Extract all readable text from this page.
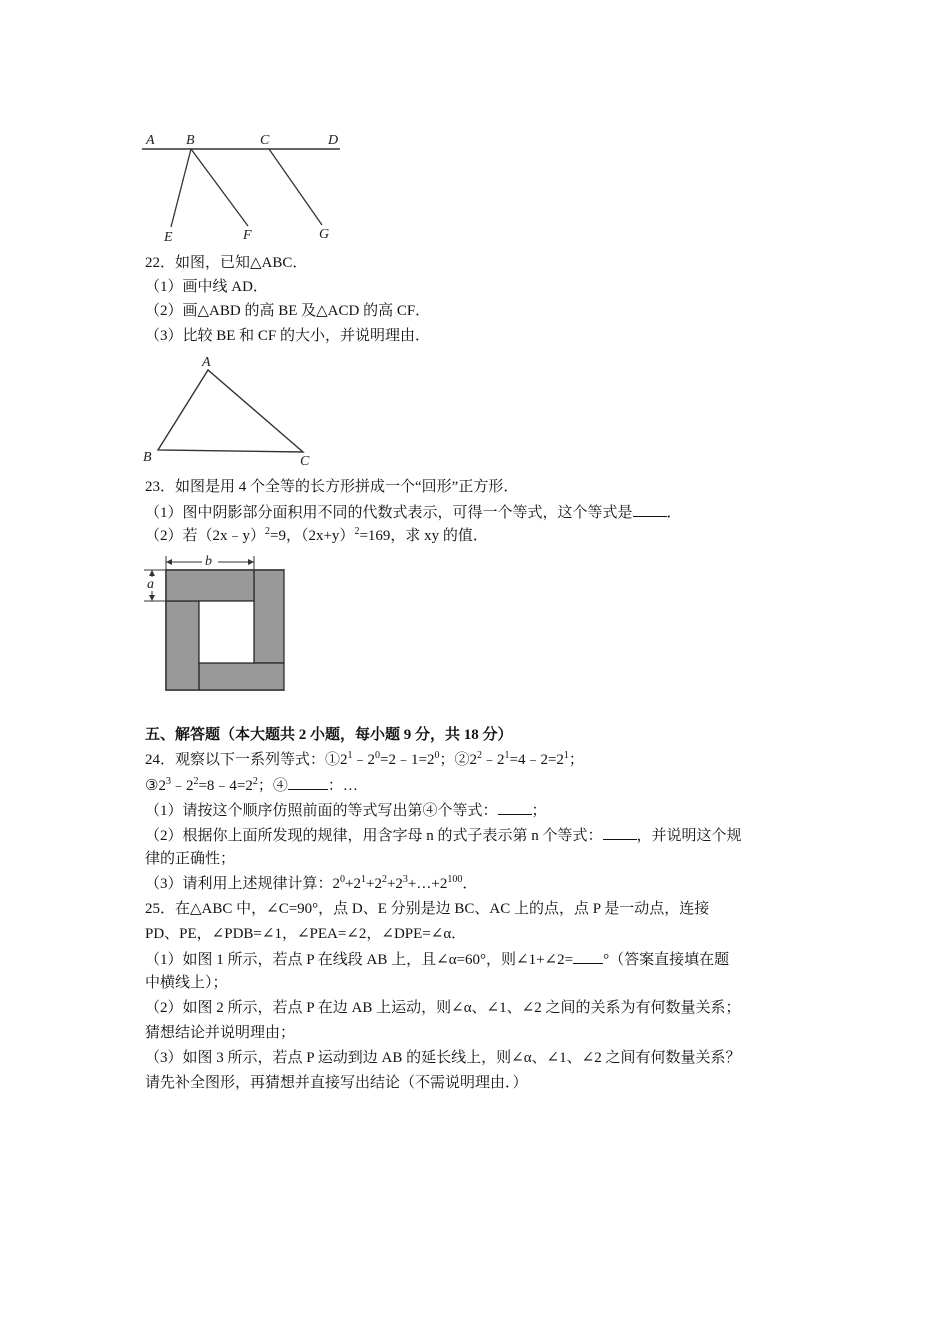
A B	C	D
E	F	G
22．如图，已知△ABC．
（1）画中线 AD．
（2）画△ABD 的高 BE 及△ACD 的高 CF．
（3）比较 BE 和 CF 的大小，并说明理由．
A
B	C
23．如图是用 4 个全等的长方形拼成一个“回形”正方形．
（1）图中阴影部分面积用不同的代数式表示，可得一个等式，这个等式是 ．
（2）若（2x﹣y）$^2$=9，$(2x+y)^2=169$，求 xy 的值．
b
a
五、解答题（本大题共 2 小题，每小题 9 分，共 18 分）
24．观察以下一系列等式：$①2^1﹣2^0=2﹣1=2^0$；$②2^2﹣2^1=4﹣2=2^1$；
$③2^3﹣2^2=8﹣4=2^2$；④	：…
（1）请按这个顺序仿照前面的等式写出第④个等式： ；
（2）根据你上面所发现的规律，用含字母 n 的式子表示第 n 个等式： ，并说明这个规
律的正确性；
（3）请利用上述规律计算：$2^0+2^1+2^2+2^3+\dots+2^{100}$．
25．在△ABC 中，∠C=90°，点 D、E 分别是边 BC、AC 上的点，点 P 是一动点，连接
PD、PE，∠PDB=∠1，∠PEA=∠2，∠DPE=∠α．
（1）如图 1 所示，若点 P 在线段 AB 上，且∠α=60°，则∠1+∠2= °（答案直接填在题
中横线上）；
（2）如图 2 所示，若点 P 在边 AB 上运动，则∠α、∠1、∠2 之间的关系为有何数量关系；
猜想结论并说明理由；
（3）如图 3 所示，若点 P 运动到边 AB 的延长线上，则∠α、∠1、∠2 之间有何数量关系？
请先补全图形，再猜想并直接写出结论（不需说明理由．）
